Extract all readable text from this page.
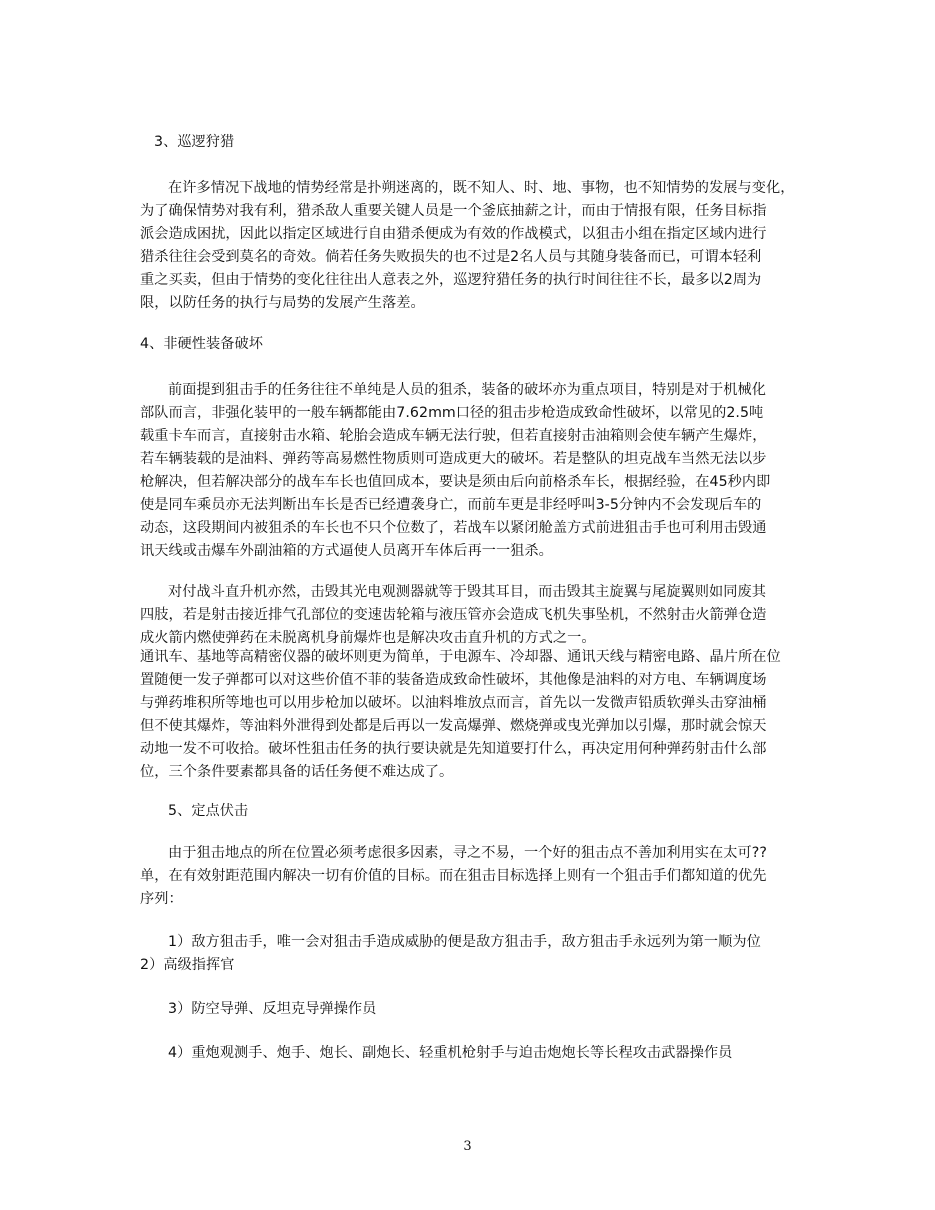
3、巡逻狩猎
在许多情况下战地的情势经常是扑朔迷离的，既不知人、时、地、事物，也不知情势的发展与变化，
为了确保情势对我有利，猎杀敌人重要关键人员是一个釜底抽薪之计，而由于情报有限，任务目标指
派会造成困扰，因此以指定区域进行自由猎杀便成为有效的作战模式，以狙击小组在指定区域内进行
猎杀往往会受到莫名的奇效。倘若任务失败损失的也不过是2名人员与其随身装备而已，可谓本轻利
重之买卖，但由于情势的变化往往出人意表之外，巡逻狩猎任务的执行时间往往不长，最多以2周为
限，以防任务的执行与局势的发展产生落差。
4、非硬性装备破坏
前面提到狙击手的任务往往不单纯是人员的狙杀，装备的破坏亦为重点项目，特别是对于机械化
部队而言，非强化装甲的一般车辆都能由7.62mm口径的狙击步枪造成致命性破坏，以常见的2.5吨
载重卡车而言，直接射击水箱、轮胎会造成车辆无法行驶，但若直接射击油箱则会使车辆产生爆炸，
若车辆装载的是油料、弹药等高易燃性物质则可造成更大的破坏。若是整队的坦克战车当然无法以步
枪解决，但若解决部分的战车车长也值回成本，要诀是须由后向前格杀车长，根据经验，在45秒内即
使是同车乘员亦无法判断出车长是否已经遭袭身亡，而前车更是非经呼叫3-5分钟内不会发现后车的
动态，这段期间内被狙杀的车长也不只个位数了，若战车以紧闭舱盖方式前进狙击手也可利用击毁通
讯天线或击爆车外副油箱的方式逼使人员离开车体后再一一狙杀。
对付战斗直升机亦然，击毁其光电观测器就等于毁其耳目，而击毁其主旋翼与尾旋翼则如同废其
四肢，若是射击接近排气孔部位的变速齿轮箱与液压管亦会造成飞机失事坠机，不然射击火箭弹仓造
成火箭内燃使弹药在未脱离机身前爆炸也是解决攻击直升机的方式之一。
通讯车、基地等高精密仪器的破坏则更为简单，于电源车、冷却器、通讯天线与精密电路、晶片所在位
置随便一发子弹都可以对这些价值不菲的装备造成致命性破坏，其他像是油料的对方电、车辆调度场
与弹药堆积所等地也可以用步枪加以破坏。以油料堆放点而言，首先以一发微声铅质软弹头击穿油桶
但不使其爆炸，等油料外泄得到处都是后再以一发高爆弹、燃烧弹或曳光弹加以引爆，那时就会惊天
动地一发不可收拾。破坏性狙击任务的执行要诀就是先知道要打什么，再决定用何种弹药射击什么部
位，三个条件要素都具备的话任务便不难达成了。
5、定点伏击
由于狙击地点的所在位置必须考虑很多因素，寻之不易，一个好的狙击点不善加利用实在太可??
单，在有效射距范围内解决一切有价值的目标。而在狙击目标选择上则有一个狙击手们都知道的优先
序列：
1）敌方狙击手，唯一会对狙击手造成威胁的便是敌方狙击手，敌方狙击手永远列为第一顺为位
2）高级指挥官
3）防空导弹、反坦克导弹操作员
4）重炮观测手、炮手、炮长、副炮长、轻重机枪射手与迫击炮炮长等长程攻击武器操作员
3
